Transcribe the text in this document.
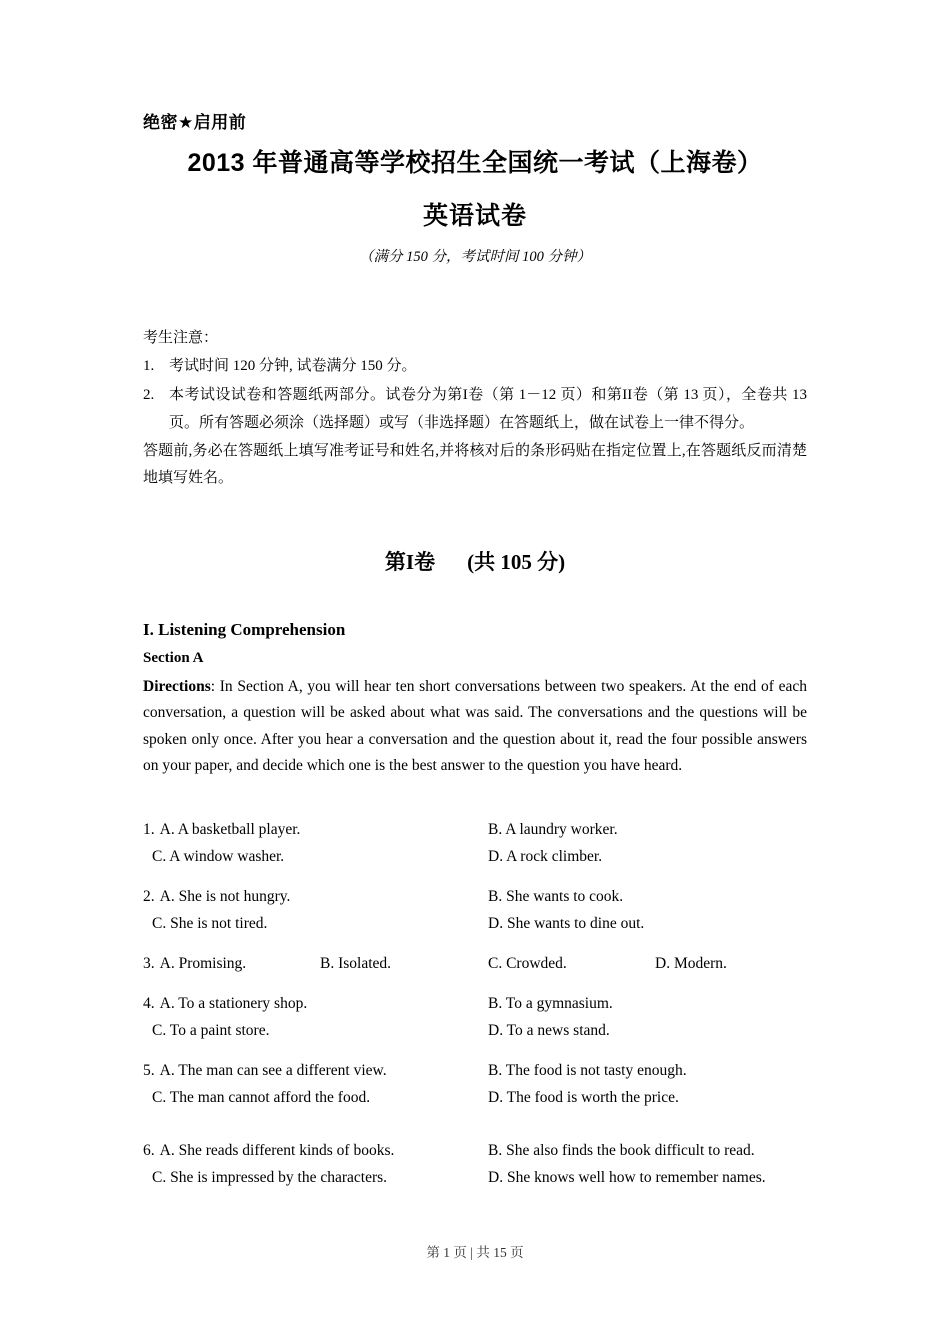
绝密★启用前
2013 年普通高等学校招生全国统一考试（上海卷）
英语试卷
（满分 150 分，考试时间 100 分钟）
考生注意：
1. 考试时间 120 分钟, 试卷满分 150 分。
2. 本考试设试卷和答题纸两部分。试卷分为第I卷（第 1－12 页）和第II卷（第 13 页），全卷共 13 页。所有答题必须涂（选择题）或写（非选择题）在答题纸上，做在试卷上一律不得分。
答题前,务必在答题纸上填写准考证号和姓名,并将核对后的条形码贴在指定位置上,在答题纸反而清楚地填写姓名。
第I卷 (共 105 分)
I. Listening Comprehension
Section A
Directions: In Section A, you will hear ten short conversations between two speakers. At the end of each conversation, a question will be asked about what was said. The conversations and the questions will be spoken only once. After you hear a conversation and the question about it, read the four possible answers on your paper, and decide which one is the best answer to the question you have heard.
1. A. A basketball player.	B. A laundry worker.
C. A window washer.	D. A rock climber.
2. A. She is not hungry.	B. She wants to cook.
C. She is not tired.	D. She wants to dine out.
3. A. Promising.	B. Isolated.	C. Crowded.	D. Modern.
4. A. To a stationery shop.	B. To a gymnasium.
C. To a paint store.	D. To a news stand.
5. A. The man can see a different view.	B. The food is not tasty enough.
C. The man cannot afford the food.	D. The food is worth the price.
6. A. She reads different kinds of books.	B. She also finds the book difficult to read.
C. She is impressed by the characters.	D. She knows well how to remember names.
第 1 页 | 共 15 页
